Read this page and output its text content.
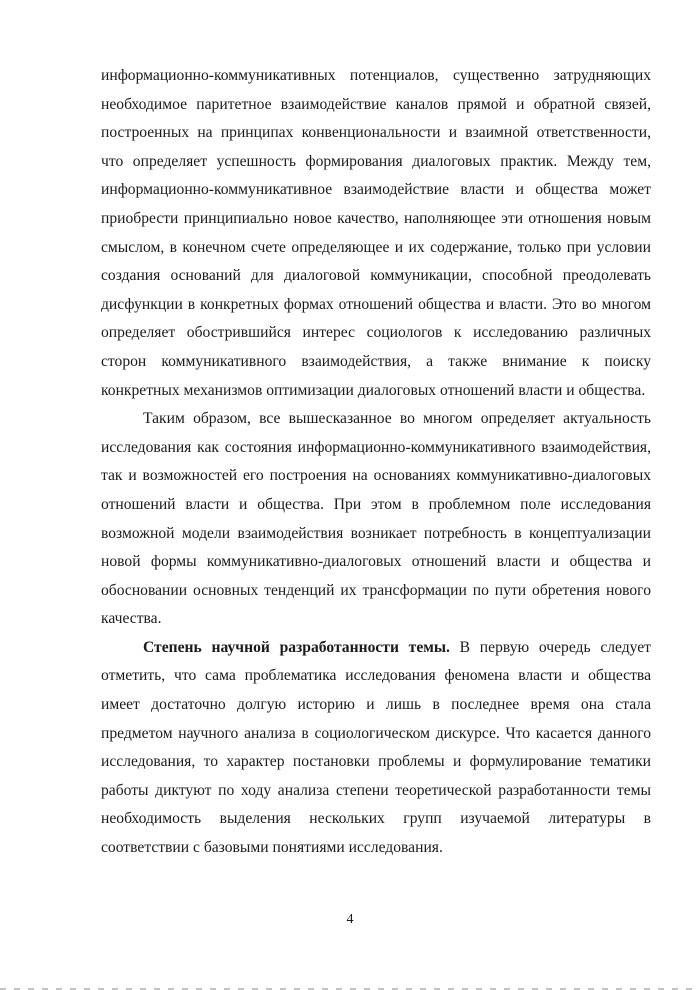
информационно-коммуникативных потенциалов, существенно затрудняющих необходимое паритетное взаимодействие каналов прямой и обратной связей, построенных на принципах конвенциональности и взаимной ответственности, что определяет успешность формирования диалоговых практик. Между тем, информационно-коммуникативное взаимодействие власти и общества может приобрести принципиально новое качество, наполняющее эти отношения новым смыслом, в конечном счете определяющее и их содержание, только при условии создания оснований для диалоговой коммуникации, способной преодолевать дисфункции в конкретных формах отношений общества и власти. Это во многом определяет обострившийся интерес социологов к исследованию различных сторон коммуникативного взаимодействия, а также внимание к поиску конкретных механизмов оптимизации диалоговых отношений власти и общества.

Таким образом, все вышесказанное во многом определяет актуальность исследования как состояния информационно-коммуникативного взаимодействия, так и возможностей его построения на основаниях коммуникативно-диалоговых отношений власти и общества. При этом в проблемном поле исследования возможной модели взаимодействия возникает потребность в концептуализации новой формы коммуникативно-диалоговых отношений власти и общества и обосновании основных тенденций их трансформации по пути обретения нового качества.

Степень научной разработанности темы. В первую очередь следует отметить, что сама проблематика исследования феномена власти и общества имеет достаточно долгую историю и лишь в последнее время она стала предметом научного анализа в социологическом дискурсе. Что касается данного исследования, то характер постановки проблемы и формулирование тематики работы диктуют по ходу анализа степени теоретической разработанности темы необходимость выделения нескольких групп изучаемой литературы в соответствии с базовыми понятиями исследования.

4
